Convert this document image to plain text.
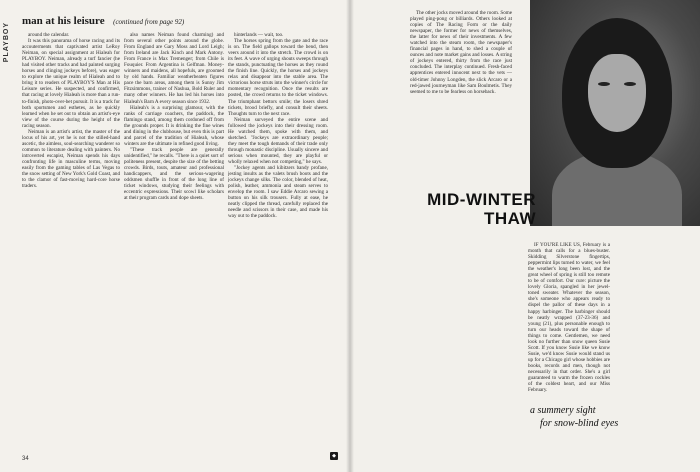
PLAYBOY
man at his leisure (continued from page 92)

around the calendar.

It was this panorama of horse racing and its accouterments that captivated artist LeRoy Neiman, on special assignment at Hialeah for PLAYBOY. Neiman, already a turf fancier (he had visited other tracks and had painted surging horses and clinging jockeys before), was eager to explore the unique realm of Hialeah and to bring it to readers of PLAYBOY'S Man at His Leisure series. He suspected, and confirmed, that racing at lovely Hialeah is more than a run-to-finish, photo-over-bet pursuit. It is a track for both sportsmen and esthetes, as he quickly learned when he set out to obtain an artist's-eye view of the course during the height of the racing season.

Neiman is an artist's artist, the master of the locus of his art, yet he is not the stilled-hand ascetic, the aimless, soul-searching wanderer so common to literature dealing with painters. No introverted escapist, Neiman spends his days confronting life in masculine terms, moving easily from the gaming tables of Las Vegas to the snow setting of New York's Gold Coast, and to the clamor of fast-moving hard-core horse traders.

also names Neiman found charming) and from several other points around the globe. From England are Gary Moss and Lord Leigh; from Ireland are Jack Kinch and Mark Antony. From France is Max Tremenger; from Chile is Fouquier. From Argentina is Gelfman. Money-winners and maidens, all hopefuls, are groomed by old hands. Familiar weatherbeaten figures pace the barn areas, among them is Sunny Jim Fitzsimmons, trainer of Nashua, Bold Ruler and many other winners. He has led his horses into Hialeah's Barn A every season since 1932.

Hialeah's is a surprising glamour, with the ranks of carriage coachers, the paddock, the flamingo stand, among them cordoned off from the grounds proper. It is drinking the fine wines and dining in the clubhouse, but even this is part and parcel of the tradition of Hialeah, whose winters are the ultimate in refined good living.

"These track people are generally unidentified," he recalls. "There is a quiet sort of politeness present, despite the size of the betting crowds. Birds, touts, amateur and professional handicappers, and the serious-wagering oddsmen shuffle in front of the long line of ticket windows, studying their feelings with eccentric expressions. Their scowl like scholars at their program cards and dope sheets.

hinterlands — wait, too.

The horses spring from the gate and the race is on. The field gallops toward the bend, then veers around it into the stretch. The crowd is on its feet. A wave of urging shouts sweeps through the stands, punctuating the horses as they round the finish line. Quickly, the horses and jockeys relax and disappear into the stable area. The victorious horse struts into the winner's circle for momentary recognition. Once the results are posted, the crowd returns to the ticket windows. The triumphant bettors smile; the losers shred tickets, brood briefly, and consult their sheets. Thoughts turn to the next race.

Neiman surveyed the entire scene and followed the jockeys into their dressing room. He watched them, spoke with them, and sketched. "Jockeys are extraordinary people; they meet the tough demands of their trade only through monastic discipline. Usually sincere and serious when mounted, they are playful or wholly relaxed when not competing," he says.

"Jockey agents and kibitzers bandy profane, jesting insults as the valets brush boots and the jockeys change silks. The color, blended of heat, polish, leather, ammonia and steam serves to envelop the room. I saw Eddie Arcaro sewing a button on his silk trousers. Fully at ease, he neatly clipped the thread, carefully replaced the needle and scissors in their case, and made his way out to the paddock.

34	◆

The other jocks moved around the room. Some played ping-pong or billiards. Others looked at copies of The Racing Form or the daily newspaper, the former for news of themselves, the latter for news of their investments. A few watched into the steam room, the newspaper's financial pages in hand, to shed a couple of ounces and note market gains and losses. A string of jockeys entered, thirty from the race just concluded. The interplay continued. Fresh-faced apprentices entered innocent next to the vets — old-timer Johnny Longden, the slick Arcaro or a red-jawed journeyman like Sam Boulmetis. They seemed to me to be fearless on horseback.

MID-WINTER
THAW

IF YOU'RE LIKE US, February is a month that calls for a blues-buster. Skidding Silverstone fingertips, peppermint lips turned to water, we feel the weather's long been lost, and the great wheel of spring is still too remote to be of comfort. Our cure: picture the lovely Gloria, spangled in her jewel-toned sweater. Whatever the season, she's someone who appears ready to dispel the pallor of these days in a happy harbinger. The harbinger should be neatly wrapped (37-23-36) and young (21), plus personable enough to turn our heads toward the shape of things to come. Gentlemen, we need look no further than snow queen Susie Scott. If you know Susie like we know Susie, we'd know Susie would stand us up for a Chicago girl whose hobbies are books, records and men, though not necessarily in that order. She's a girl guaranteed to warm the frozen cockles of the coldest heart, and our Miss February.

a summery sight
for snow-blind eyes
